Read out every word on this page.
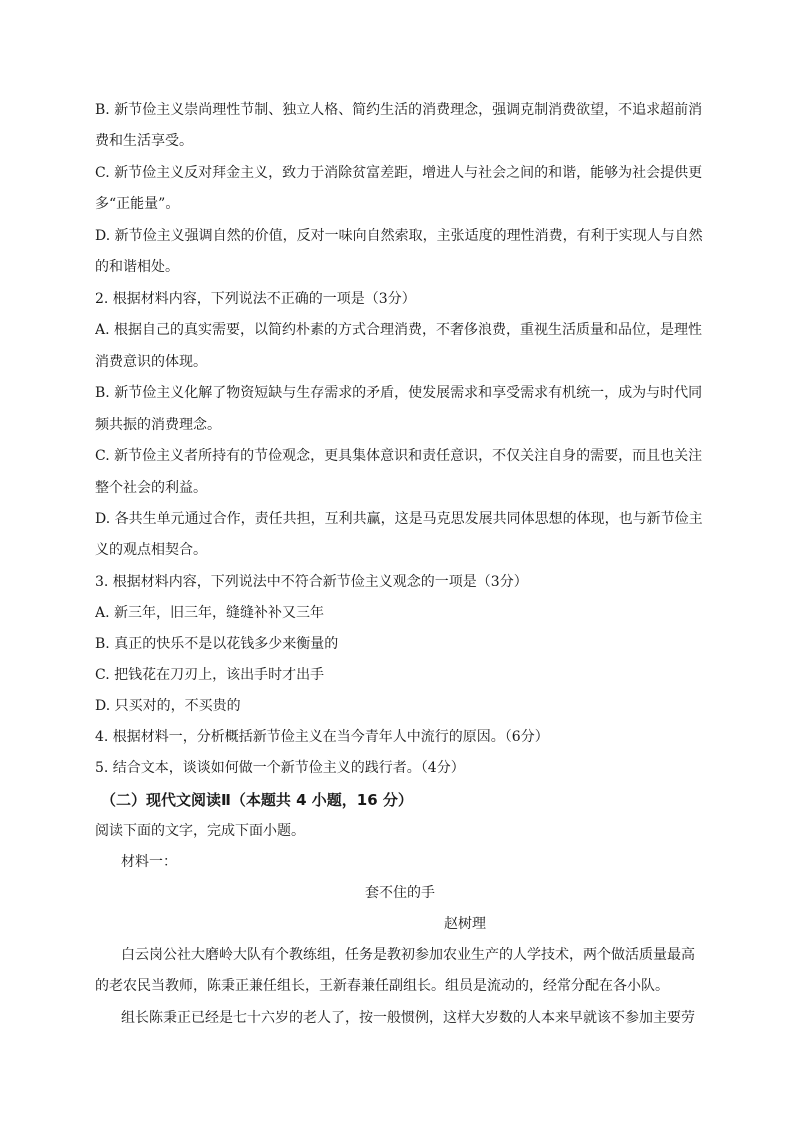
B. 新节俭主义崇尚理性节制、独立人格、简约生活的消费理念，强调克制消费欲望，不追求超前消
费和生活享受。
C. 新节俭主义反对拜金主义，致力于消除贫富差距，增进人与社会之间的和谐，能够为社会提供更
多“正能量”。
D. 新节俭主义强调自然的价值，反对一味向自然索取，主张适度的理性消费，有利于实现人与自然
的和谐相处。
2. 根据材料内容，下列说法不正确的一项是（3分）
A. 根据自己的真实需要，以简约朴素的方式合理消费，不奢侈浪费，重视生活质量和品位，是理性
消费意识的体现。
B. 新节俭主义化解了物资短缺与生存需求的矛盾，使发展需求和享受需求有机统一，成为与时代同
频共振的消费理念。
C. 新节俭主义者所持有的节俭观念，更具集体意识和责任意识，不仅关注自身的需要，而且也关注
整个社会的利益。
D. 各共生单元通过合作，责任共担，互利共赢，这是马克思发展共同体思想的体现，也与新节俭主
义的观点相契合。
3. 根据材料内容，下列说法中不符合新节俭主义观念的一项是（3分）
A. 新三年，旧三年，缝缝补补又三年
B. 真正的快乐不是以花钱多少来衡量的
C. 把钱花在刀刃上，该出手时才出手
D. 只买对的，不买贵的
4. 根据材料一，分析概括新节俭主义在当今青年人中流行的原因。（6分）
5. 结合文本，谈谈如何做一个新节俭主义的践行者。（4分）
（二）现代文阅读Ⅱ（本题共 4 小题，16 分）
阅读下面的文字，完成下面小题。
材料一：
套不住的手
赵树理
白云岗公社大磨岭大队有个教练组，任务是教初参加农业生产的人学技术，两个做活质量最高
的老农民当教师，陈秉正兼任组长，王新春兼任副组长。组员是流动的，经常分配在各小队。
组长陈秉正已经是七十六岁的老人了，按一般惯例，这样大岁数的人本来早就该不参加主要劳
